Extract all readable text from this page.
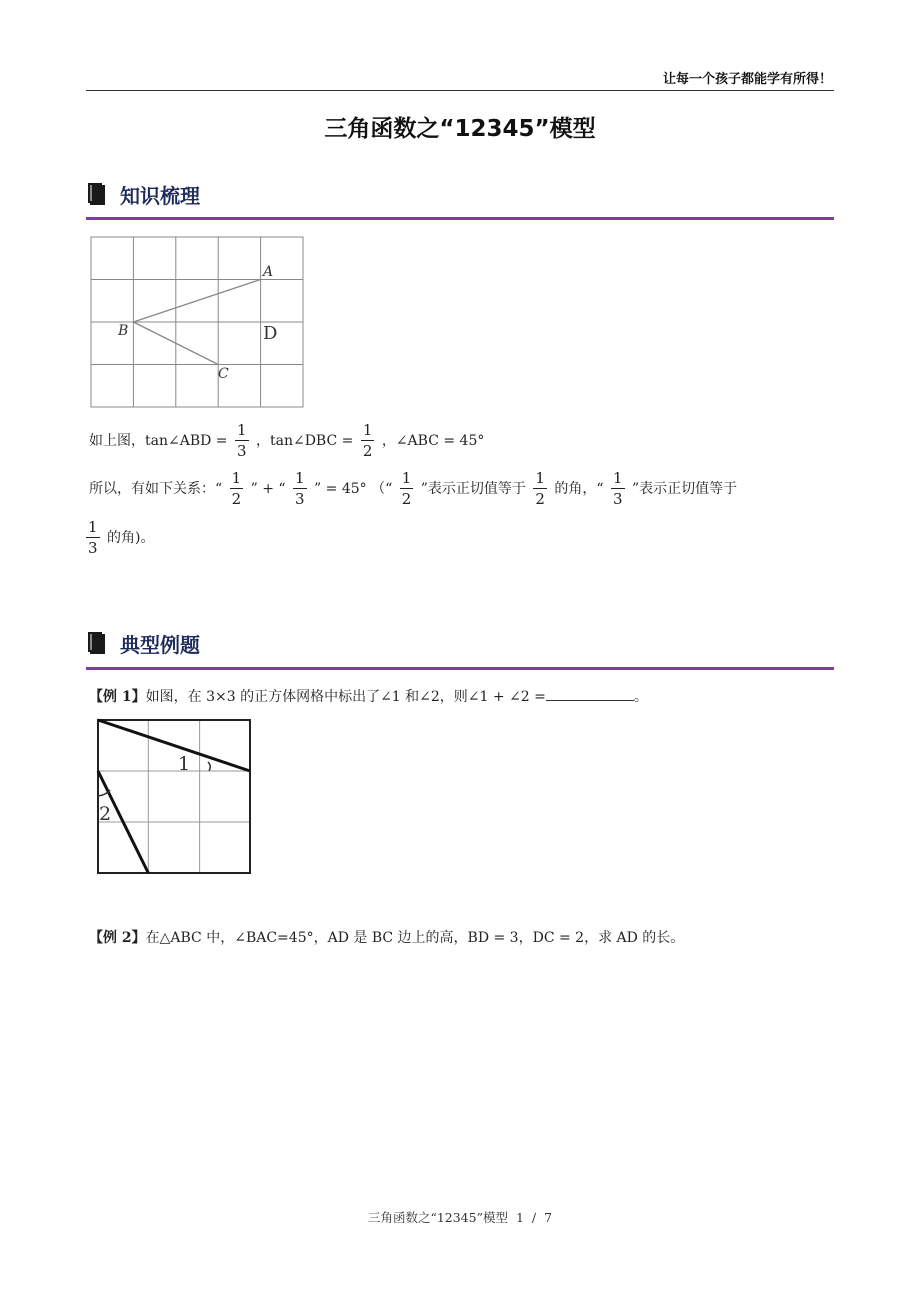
让每一个孩子都能学有所得！
三角函数之“12345”模型
知识梳理
A
B
C
D
如上图，tan∠ABD = $\frac{1}{3}$ ，tan∠DBC = $\frac{1}{2}$ ，∠ABC = 45°
所以，有如下关系：“ $\frac{1}{2}$ ” + “ $\frac{1}{3}$ ” = 45° （“ $\frac{1}{2}$ ”表示正切值等于 $\frac{1}{2}$ 的角，“ $\frac{1}{3}$ ”表示正切值等于
$\frac{1}{3}$ 的角)。
典型例题
【例 1】如图，在 3×3 的正方体网格中标出了∠1 和∠2，则∠1 + ∠2 =	。
1
2
【例 2】在△ABC 中，∠BAC=45°，AD 是 BC 边上的高，BD = 3，DC = 2，求 AD 的长。
三角函数之“12345”模型 1 / 7
